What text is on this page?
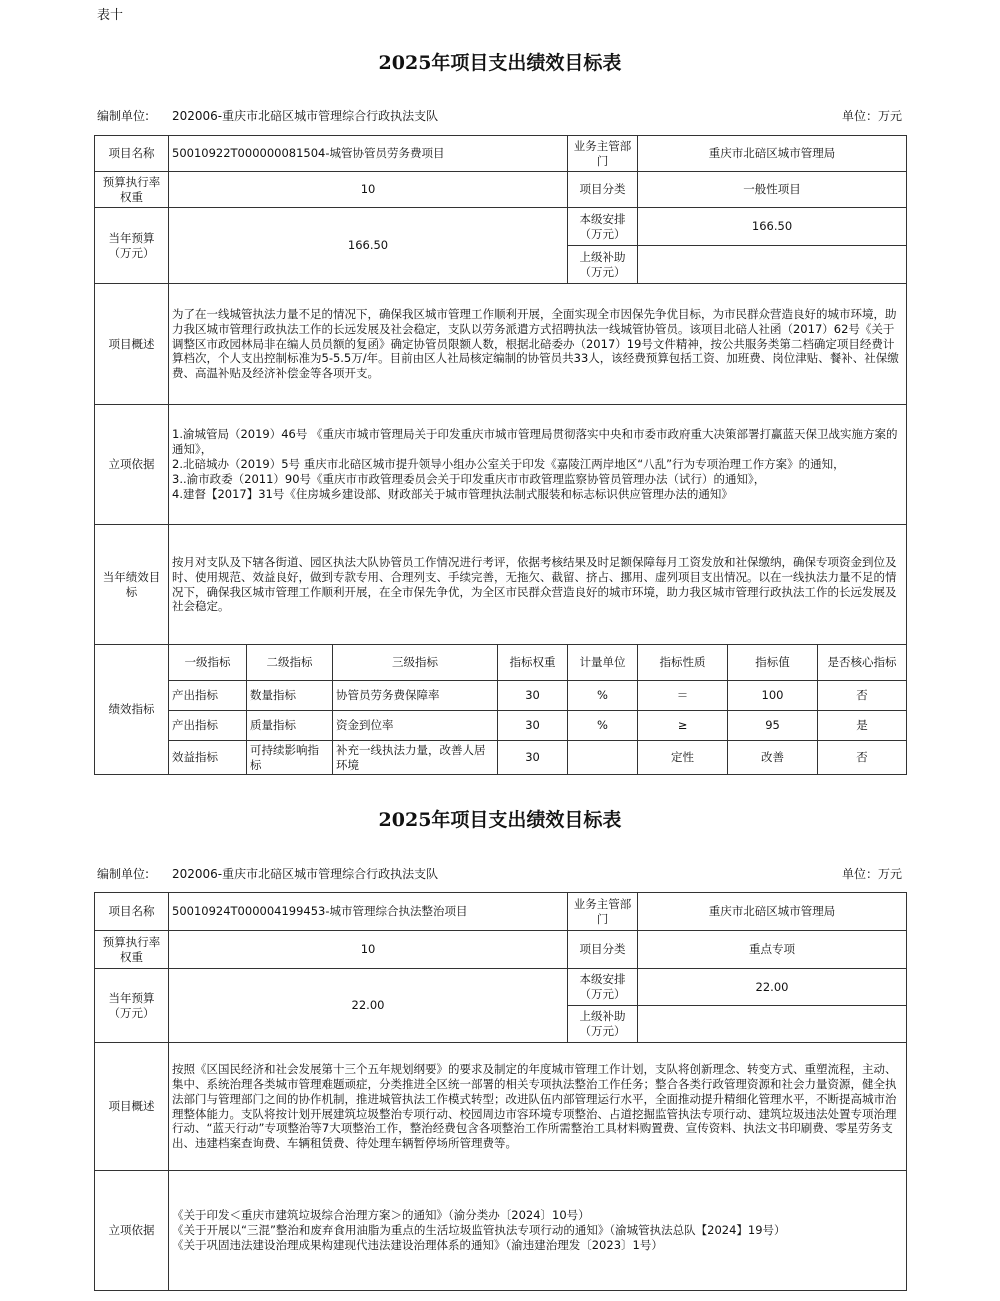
表十
2025年项目支出绩效目标表
编制单位: 202006-重庆市北碚区城市管理综合行政执法支队	单位：万元
项目名称	50010922T000000081504-城管协管员劳务费项目				业务主管部门	重庆市北碚区城市管理局		
预算执行率权重	10				项目分类	一般性项目		
当年预算（万元）	166.50				本级安排（万元）	166.50		
					上级补助（万元）			
项目概述	为了在一线城管执法力量不足的情况下，确保我区城市管理工作顺利开展，全面实现全市因保先争优目标，为市民群众营造良好的城市环境，助力我区城市管理行政执法工作的长远发展及社会稳定，支队以劳务派遣方式招聘执法一线城管协管员。该项目北碚人社函（2017）62号《关于调整区市政园林局非在编人员员额的复函》确定协管员限额人数，根据北碚委办（2017）19号文件精神，按公共服务类第二档确定项目经费计算档次，个人支出控制标准为5-5.5万/年。目前由区人社局核定编制的协管员共33人，该经费预算包括工资、加班费、岗位津贴、餐补、社保缴费、高温补贴及经济补偿金等各项开支。							
立项依据	1.渝城管局（2019）46号 《重庆市城市管理局关于印发重庆市城市管理局贯彻落实中央和市委市政府重大决策部署打赢蓝天保卫战实施方案的通知》，
2.北碚城办（2019）5号 重庆市北碚区城市提升领导小组办公室关于印发《嘉陵江两岸地区“八乱”行为专项治理工作方案》的通知，
3..渝市政委（2011）90号《重庆市市政管理委员会关于印发重庆市市政管理监察协管员管理办法（试行）的通知》，
4.建督【2017】31号《住房城乡建设部、财政部关于城市管理执法制式服装和标志标识供应管理办法的通知》							

当年绩效目标	按月对支队及下辖各街道、园区执法大队协管员工作情况进行考评，依据考核结果及时足额保障每月工资发放和社保缴纳，确保专项资金到位及时、使用规范、效益良好，做到专款专用、合理列支、手续完善，无拖欠、截留、挤占、挪用、虚列项目支出情况。以在一线执法力量不足的情况下，确保我区城市管理工作顺利开展，在全市保先争优，为全区市民群众营造良好的城市环境，助力我区城市管理行政执法工作的长远发展及社会稳定。							
绩效指标	一级指标	二级指标	三级指标	指标权重	计量单位	指标性质	指标值	是否核心指标
	产出指标	数量指标	协管员劳务费保障率	30	%	＝	100	否
	产出指标	质量指标	资金到位率	30	%	≥	95	是
	效益指标	可持续影响指标	补充一线执法力量，改善人居环境	30		定性	改善	否
2025年项目支出绩效目标表
编制单位: 202006-重庆市北碚区城市管理综合行政执法支队	单位：万元
项目名称	50010924T000004199453-城市管理综合执法整治项目	业务主管部门	重庆市北碚区城市管理局
预算执行率权重	10	项目分类	重点专项
当年预算（万元）	22.00	本级安排（万元）	22.00
		上级补助（万元）	
项目概述	按照《区国民经济和社会发展第十三个五年规划纲要》的要求及制定的年度城市管理工作计划，支队将创新理念、转变方式、重塑流程，主动、集中、系统治理各类城市管理难题顽症，分类推进全区统一部署的相关专项执法整治工作任务；整合各类行政管理资源和社会力量资源，健全执法部门与管理部门之间的协作机制，推进城管执法工作模式转型；改进队伍内部管理运行水平，全面推动提升精细化管理水平，不断提高城市治理整体能力。支队将按计划开展建筑垃圾整治专项行动、校园周边市容环境专项整治、占道挖掘监管执法专项行动、建筑垃圾违法处置专项治理行动、“蓝天行动”专项整治等7大项整治工作，整治经费包含各项整治工作所需整治工具材料购置费、宣传资料、执法文书印刷费、零星劳务支出、违建档案查询费、车辆租赁费、待处理车辆暂停场所管理费等。		
立项依据	《关于印发＜重庆市建筑垃圾综合治理方案＞的通知》（渝分类办〔2024〕10号）
《关于开展以“三混”整治和废弃食用油脂为重点的生活垃圾监管执法专项行动的通知》（渝城管执法总队【2024】19号）
《关于巩固违法建设治理成果构建现代违法建设治理体系的通知》（渝违建治理发〔2023〕1号）		
